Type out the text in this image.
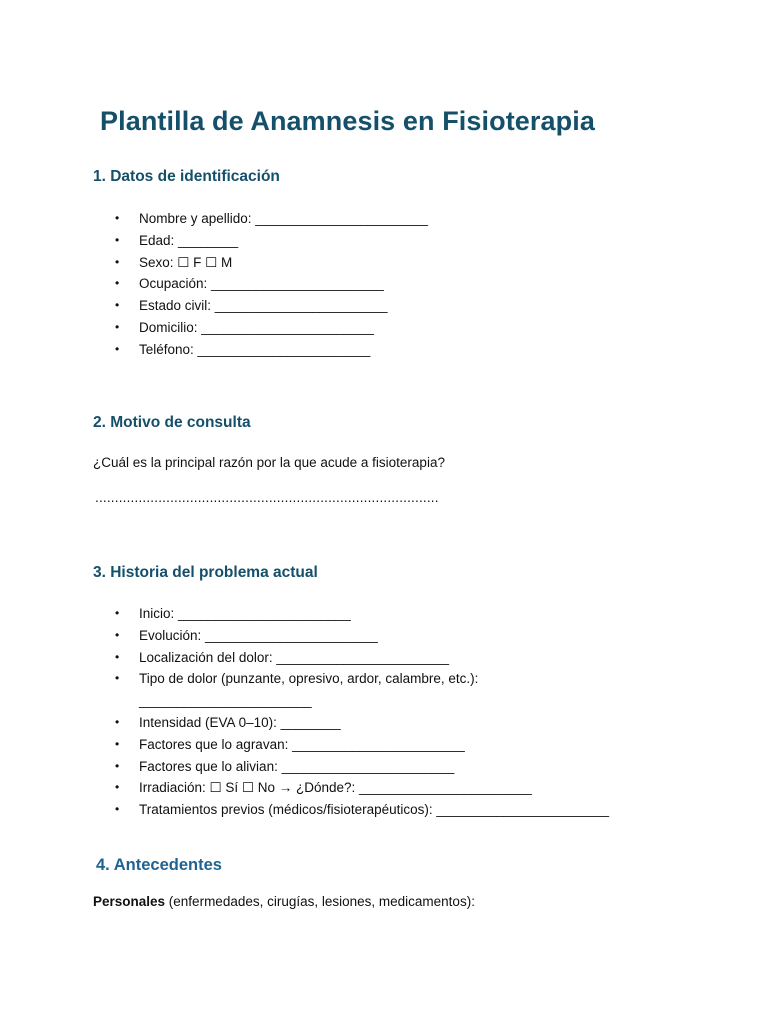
Plantilla de Anamnesis en Fisioterapia
1. Datos de identificación
• Nombre y apellido: _______________________
• Edad: ________
• Sexo: ☐ F ☐ M
• Ocupación: _______________________
• Estado civil: _______________________
• Domicilio: _______________________
• Teléfono: _______________________
2. Motivo de consulta

¿Cuál es la principal razón por la que acude a fisioterapia?

.......................................................................................

3. Historia del problema actual
• Inicio: _______________________
• Evolución: _______________________
• Localización del dolor: _______________________
• Tipo de dolor (punzante, opresivo, ardor, calambre, etc.):
_______________________
• Intensidad (EVA 0–10): ________
• Factores que lo agravan: _______________________
• Factores que lo alivian: _______________________
• Irradiación: ☐ Sí ☐ No → ¿Dónde?: _______________________
• Tratamientos previos (médicos/fisioterapéuticos): _______________________
4. Antecedentes

Personales (enfermedades, cirugías, lesiones, medicamentos):
